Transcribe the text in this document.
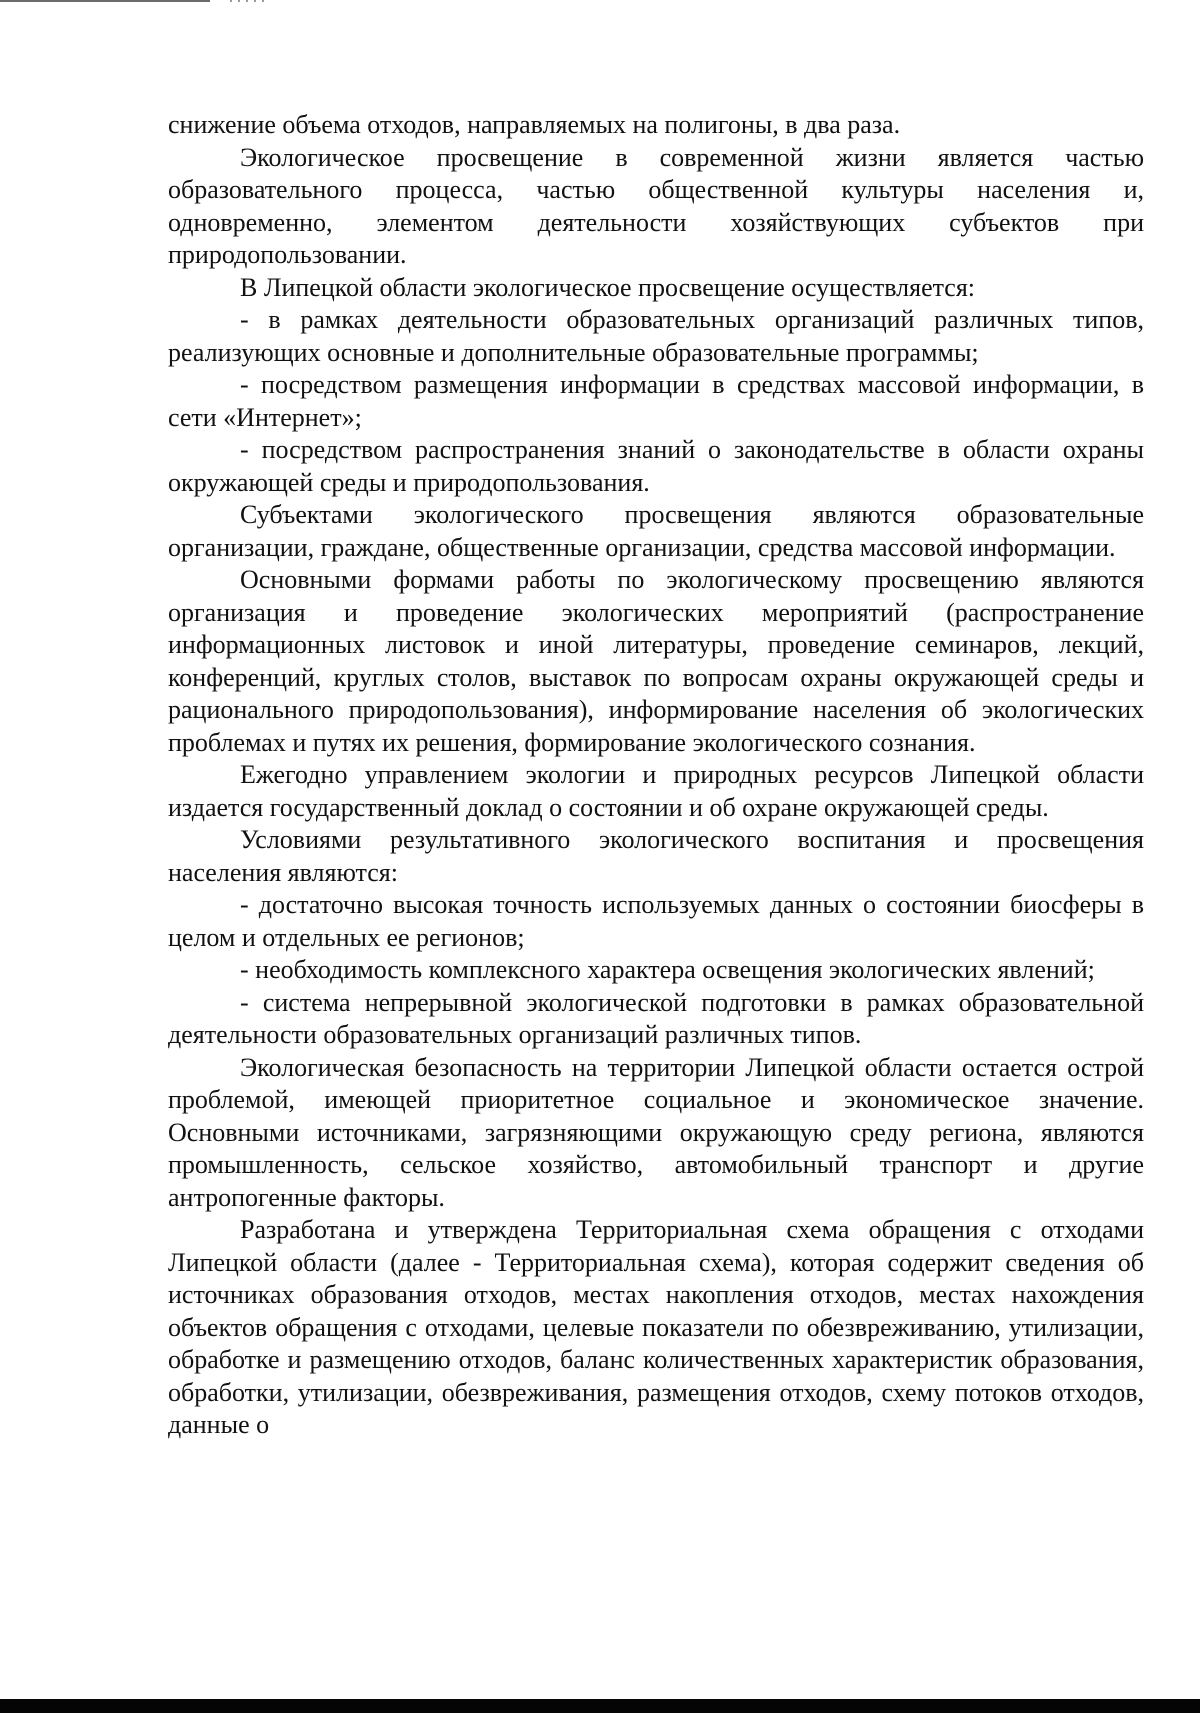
снижение объема отходов, направляемых на полигоны, в два раза.

Экологическое просвещение в современной жизни является частью образовательного процесса, частью общественной культуры населения и, одновременно, элементом деятельности хозяйствующих субъектов при природопользовании.

В Липецкой области экологическое просвещение осуществляется:

- в рамках деятельности образовательных организаций различных типов, реализующих основные и дополнительные образовательные программы;

- посредством размещения информации в средствах массовой информации, в сети «Интернет»;

- посредством распространения знаний о законодательстве в области охраны окружающей среды и природопользования.

Субъектами экологического просвещения являются образовательные организации, граждане, общественные организации, средства массовой информации.

Основными формами работы по экологическому просвещению являются организация и проведение экологических мероприятий (распространение информационных листовок и иной литературы, проведение семинаров, лекций, конференций, круглых столов, выставок по вопросам охраны окружающей среды и рационального природопользования), информирование населения об экологических проблемах и путях их решения, формирование экологического сознания.

Ежегодно управлением экологии и природных ресурсов Липецкой области издается государственный доклад о состоянии и об охране окружающей среды.

Условиями результативного экологического воспитания и просвещения населения являются:

- достаточно высокая точность используемых данных о состоянии биосферы в целом и отдельных ее регионов;

- необходимость комплексного характера освещения экологических явлений;

- система непрерывной экологической подготовки в рамках образовательной деятельности образовательных организаций различных типов.

Экологическая безопасность на территории Липецкой области остается острой проблемой, имеющей приоритетное социальное и экономическое значение. Основными источниками, загрязняющими окружающую среду региона, являются промышленность, сельское хозяйство, автомобильный транспорт и другие антропогенные факторы.

Разработана и утверждена Территориальная схема обращения с отходами Липецкой области (далее - Территориальная схема), которая содержит сведения об источниках образования отходов, местах накопления отходов, местах нахождения объектов обращения с отходами, целевые показатели по обезвреживанию, утилизации, обработке и размещению отходов, баланс количественных характеристик образования, обработки, утилизации, обезвреживания, размещения отходов, схему потоков отходов, данные о
